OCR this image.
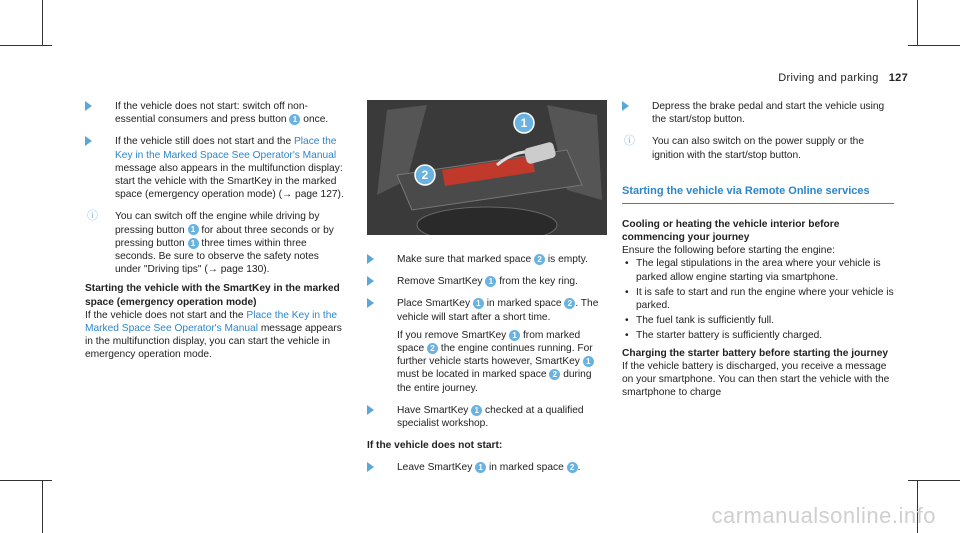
Driving and parking 127
If the vehicle does not start: switch off non-essential consumers and press button 1 once.
If the vehicle still does not start and the Place the Key in the Marked Space See Operator's Manual message also appears in the multifunction display: start the vehicle with the SmartKey in the marked space (emergency operation mode) (→ page 127).
ⓘ You can switch off the engine while driving by pressing button 1 for about three seconds or by pressing button 1 three times within three seconds. Be sure to observe the safety notes under "Driving tips" (→ page 130).
Starting the vehicle with the SmartKey in the marked space (emergency operation mode)
If the vehicle does not start and the Place the Key in the Marked Space See Operator's Manual message appears in the multifunction display, you can start the vehicle in emergency operation mode.
1
2
Make sure that marked space 2 is empty.
Remove SmartKey 1 from the key ring.
Place SmartKey 1 in marked space 2 . The vehicle will start after a short time.
If you remove SmartKey 1 from marked space 2 the engine continues running. For further vehicle starts however, SmartKey 1 must be located in marked space 2 during the entire journey.
Have SmartKey 1 checked at a qualified specialist workshop.
If the vehicle does not start:
Leave SmartKey 1 in marked space 2 .
Depress the brake pedal and start the vehicle using the start/stop button.
ⓘ You can also switch on the power supply or the ignition with the start/stop button.
Starting the vehicle via Remote Online services
Cooling or heating the vehicle interior before commencing your journey
Ensure the following before starting the engine:
• The legal stipulations in the area where your vehicle is parked allow engine starting via smartphone.
• It is safe to start and run the engine where your vehicle is parked.
• The fuel tank is sufficiently full.
• The starter battery is sufficiently charged.
Charging the starter battery before starting the journey
If the vehicle battery is discharged, you receive a message on your smartphone. You can then start the vehicle with the smartphone to charge
carmanualsonline.info
